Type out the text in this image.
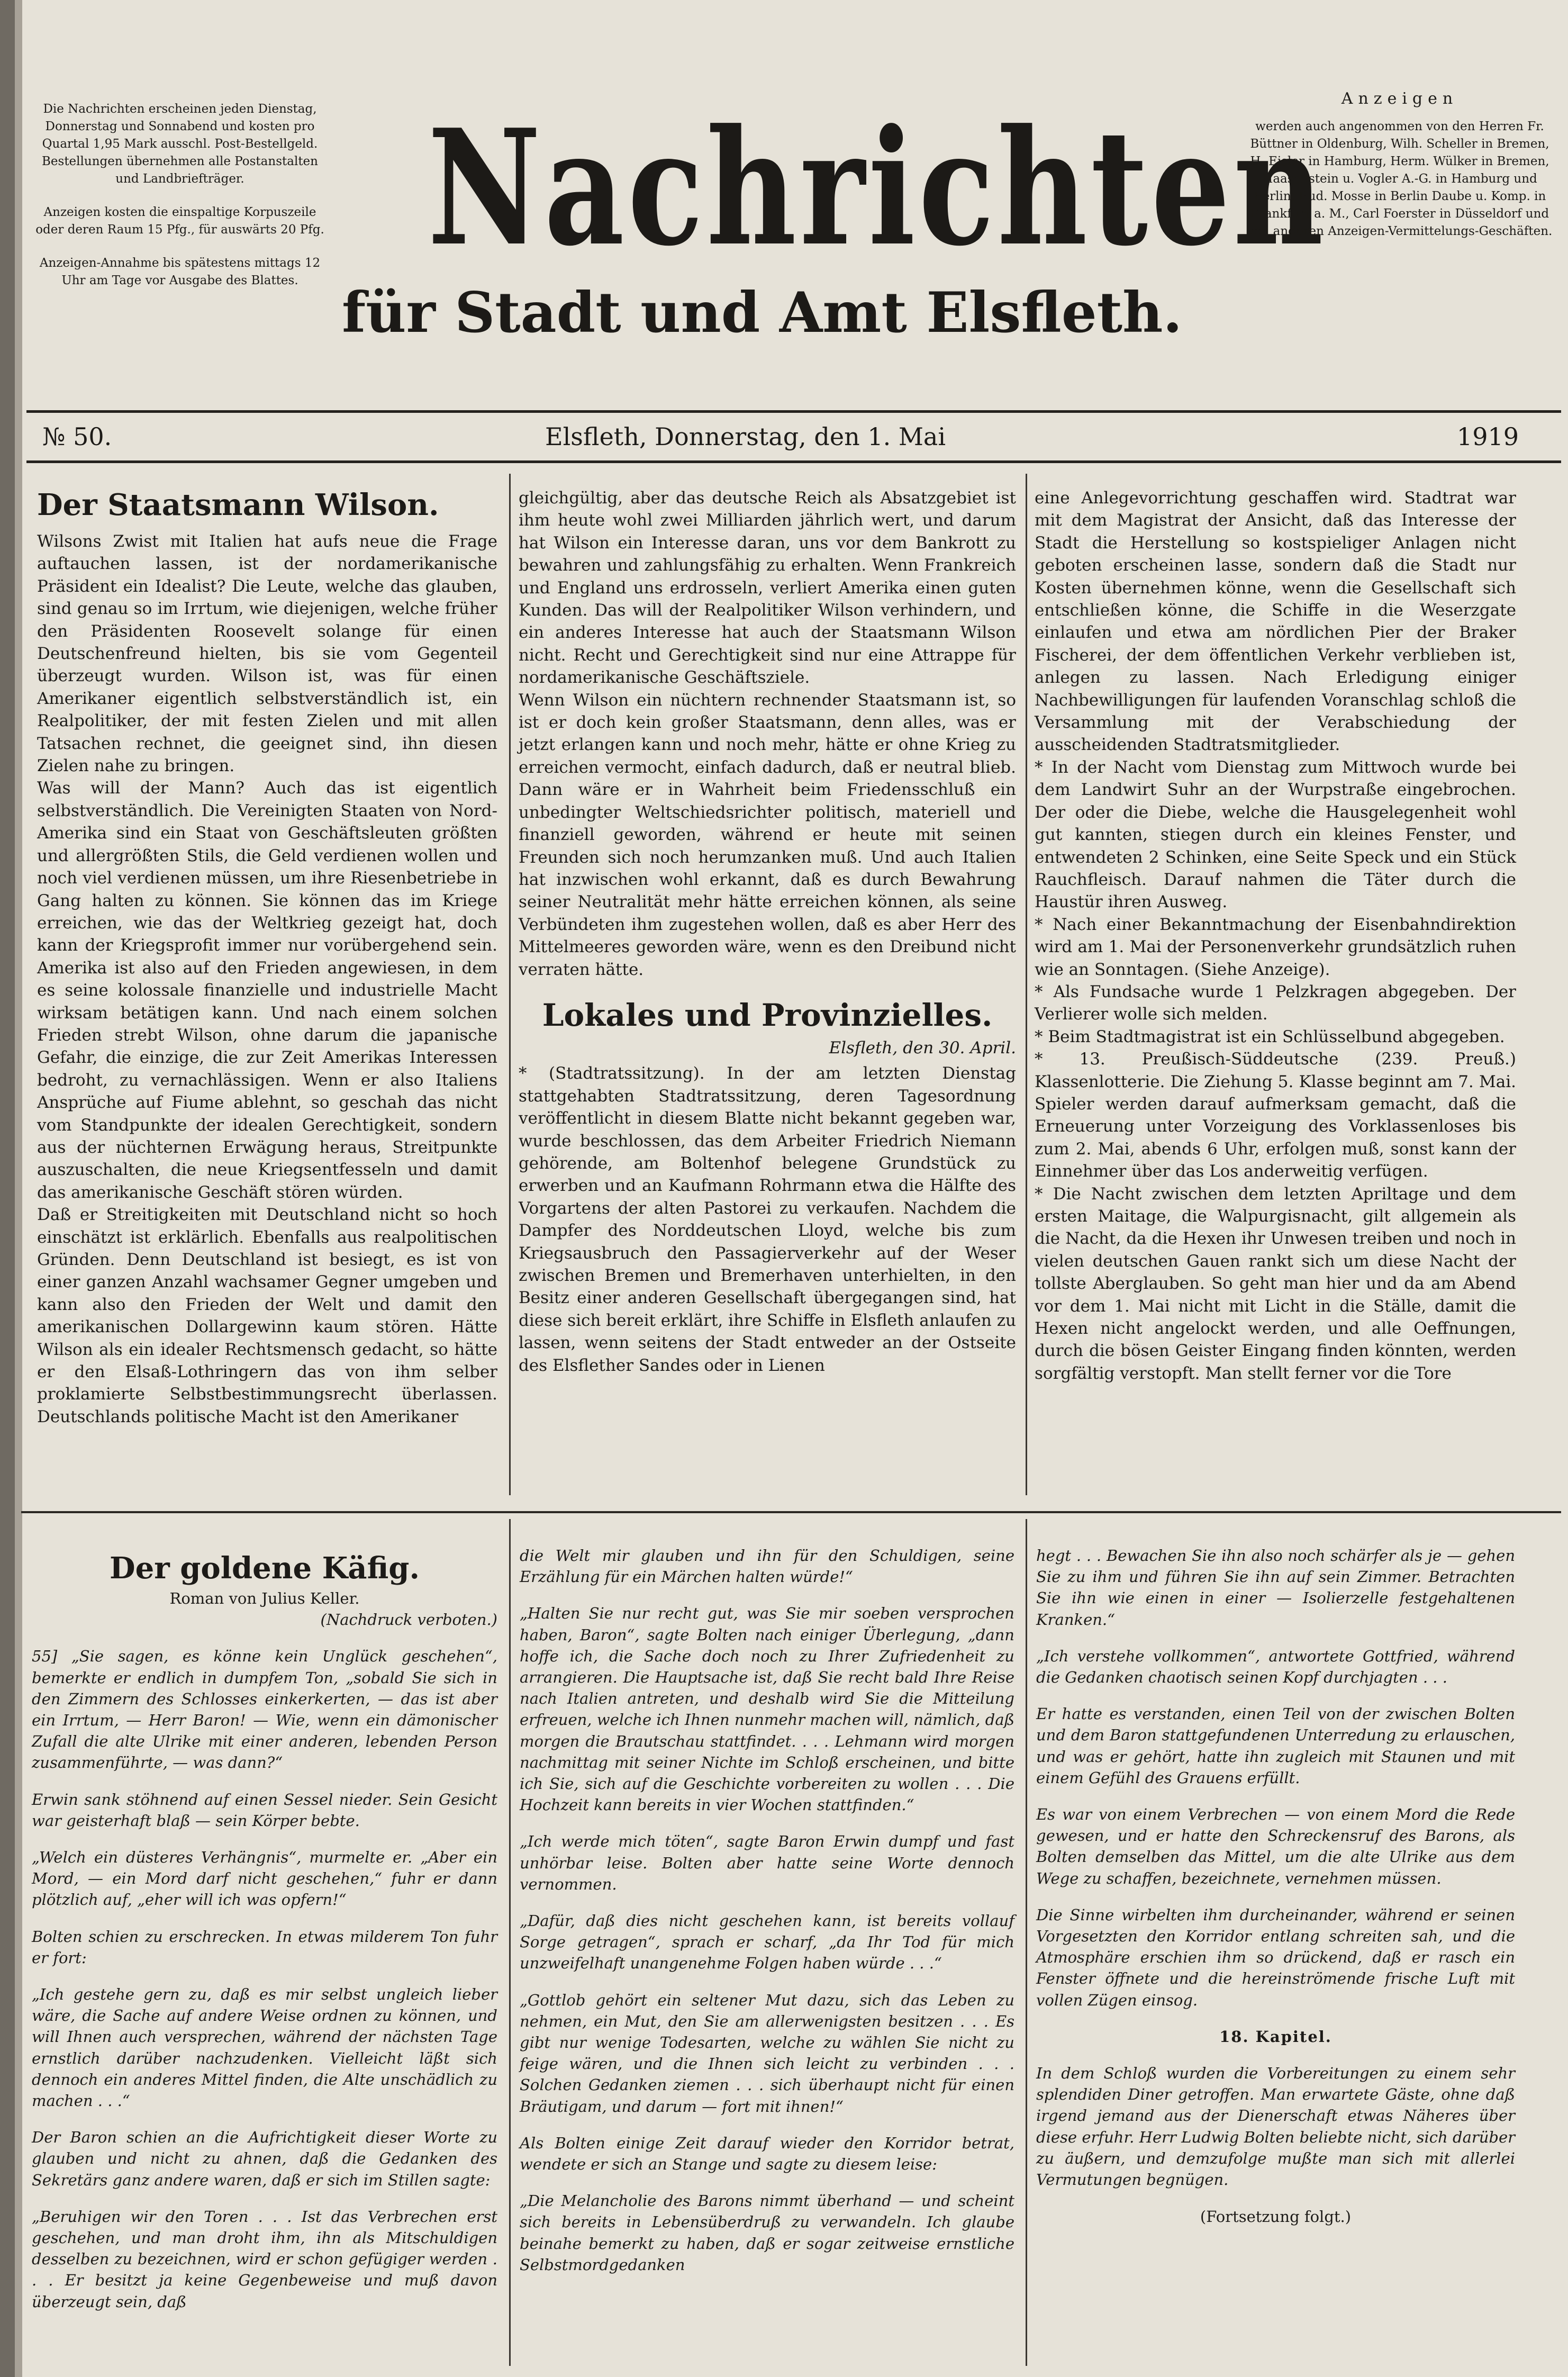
Die Nachrichten erscheinen jeden Dienstag, Donnerstag und Sonnabend und kosten pro Quartal 1,95 Mark ausschl. Post-Bestellgeld. Bestellungen übernehmen alle Postanstalten und Landbriefträger.

Anzeigen kosten die einspaltige Korpuszeile oder deren Raum 15 Pfg., für auswärts 20 Pfg.

Anzeigen-Annahme bis spätestens mittags 12 Uhr am Tage vor Ausgabe des Blattes. Nachrichten
für Stadt und Amt Elsfleth.
Anzeigen
werden auch angenommen von den Herren Fr. Büttner in Oldenburg, Wilh. Scheller in Bremen, H. Eisler in Hamburg, Herm. Wülker in Bremen, Haasenstein u. Vogler A.-G. in Hamburg und Berlin, Rud. Mosse in Berlin Daube u. Komp. in Frankfurt a. M., Carl Foerster in Düsseldorf und von anderen Anzeigen-Vermittelungs-Geschäften.
№ 50.	Elsfleth, Donnerstag, den 1. Mai	1919
Der Staatsmann Wilson.

Wilsons Zwist mit Italien hat aufs neue die Frage auftauchen lassen, ist der nordamerikanische Präsident ein Idealist? Die Leute, welche das glauben, sind genau so im Irrtum, wie diejenigen, welche früher den Präsidenten Roosevelt solange für einen Deutschenfreund hielten, bis sie vom Gegenteil überzeugt wurden. Wilson ist, was für einen Amerikaner eigentlich selbstverständlich ist, ein Realpolitiker, der mit festen Zielen und mit allen Tatsachen rechnet, die geeignet sind, ihn diesen Zielen nahe zu bringen.

Was will der Mann? Auch das ist eigentlich selbstverständlich. Die Vereinigten Staaten von Nord-Amerika sind ein Staat von Geschäftsleuten größten und allergrößten Stils, die Geld verdienen wollen und noch viel verdienen müssen, um ihre Riesenbetriebe in Gang halten zu können. Sie können das im Kriege erreichen, wie das der Weltkrieg gezeigt hat, doch kann der Kriegsprofit immer nur vorübergehend sein. Amerika ist also auf den Frieden angewiesen, in dem es seine kolossale finanzielle und industrielle Macht wirksam betätigen kann. Und nach einem solchen Frieden strebt Wilson, ohne darum die japanische Gefahr, die einzige, die zur Zeit Amerikas Interessen bedroht, zu vernachlässigen. Wenn er also Italiens Ansprüche auf Fiume ablehnt, so geschah das nicht vom Standpunkte der idealen Gerechtigkeit, sondern aus der nüchternen Erwägung heraus, Streitpunkte auszuschalten, die neue Kriegsentfesseln und damit das amerikanische Geschäft stören würden.

Daß er Streitigkeiten mit Deutschland nicht so hoch einschätzt ist erklärlich. Ebenfalls aus realpolitischen Gründen. Denn Deutschland ist besiegt, es ist von einer ganzen Anzahl wachsamer Gegner umgeben und kann also den Frieden der Welt und damit den amerikanischen Dollargewinn kaum stören. Hätte Wilson als ein idealer Rechtsmensch gedacht, so hätte er den Elsaß-Lothringern das von ihm selber proklamierte Selbstbestimmungsrecht überlassen. Deutschlands politische Macht ist den Amerikaner

gleichgültig, aber das deutsche Reich als Absatzgebiet ist ihm heute wohl zwei Milliarden jährlich wert, und darum hat Wilson ein Interesse daran, uns vor dem Bankrott zu bewahren und zahlungsfähig zu erhalten. Wenn Frankreich und England uns erdrosseln, verliert Amerika einen guten Kunden. Das will der Realpolitiker Wilson verhindern, und ein anderes Interesse hat auch der Staatsmann Wilson nicht. Recht und Gerechtigkeit sind nur eine Attrappe für nordamerikanische Geschäftsziele.

Wenn Wilson ein nüchtern rechnender Staatsmann ist, so ist er doch kein großer Staatsmann, denn alles, was er jetzt erlangen kann und noch mehr, hätte er ohne Krieg zu erreichen vermocht, einfach dadurch, daß er neutral blieb. Dann wäre er in Wahrheit beim Friedensschluß ein unbedingter Weltschiedsrichter politisch, materiell und finanziell geworden, während er heute mit seinen Freunden sich noch herumzanken muß. Und auch Italien hat inzwischen wohl erkannt, daß es durch Bewahrung seiner Neutralität mehr hätte erreichen können, als seine Verbündeten ihm zugestehen wollen, daß es aber Herr des Mittelmeeres geworden wäre, wenn es den Dreibund nicht verraten hätte.

Lokales und Provinzielles.

Elsfleth, den 30. April.

* (Stadtratssitzung). In der am letzten Dienstag stattgehabten Stadtratssitzung, deren Tagesordnung veröffentlicht in diesem Blatte nicht bekannt gegeben war, wurde beschlossen, das dem Arbeiter Friedrich Niemann gehörende, am Boltenhof belegene Grundstück zu erwerben und an Kaufmann Rohrmann etwa die Hälfte des Vorgartens der alten Pastorei zu verkaufen. Nachdem die Dampfer des Norddeutschen Lloyd, welche bis zum Kriegsausbruch den Passagierverkehr auf der Weser zwischen Bremen und Bremerhaven unterhielten, in den Besitz einer anderen Gesellschaft übergegangen sind, hat diese sich bereit erklärt, ihre Schiffe in Elsfleth anlaufen zu lassen, wenn seitens der Stadt entweder an der Ostseite des Elsflether Sandes oder in Lienen

eine Anlegevorrichtung geschaffen wird. Stadtrat war mit dem Magistrat der Ansicht, daß das Interesse der Stadt die Herstellung so kostspieliger Anlagen nicht geboten erscheinen lasse, sondern daß die Stadt nur Kosten übernehmen könne, wenn die Gesellschaft sich entschließen könne, die Schiffe in die Weserzgate einlaufen und etwa am nördlichen Pier der Braker Fischerei, der dem öffentlichen Verkehr verblieben ist, anlegen zu lassen. Nach Erledigung einiger Nachbewilligungen für laufenden Voranschlag schloß die Versammlung mit der Verabschiedung der ausscheidenden Stadtratsmitglieder.

* In der Nacht vom Dienstag zum Mittwoch wurde bei dem Landwirt Suhr an der Wurpstraße eingebrochen. Der oder die Diebe, welche die Hausgelegenheit wohl gut kannten, stiegen durch ein kleines Fenster, und entwendeten 2 Schinken, eine Seite Speck und ein Stück Rauchfleisch. Darauf nahmen die Täter durch die Haustür ihren Ausweg.

* Nach einer Bekanntmachung der Eisenbahndirektion wird am 1. Mai der Personenverkehr grundsätzlich ruhen wie an Sonntagen. (Siehe Anzeige).

* Als Fundsache wurde 1 Pelzkragen abgegeben. Der Verlierer wolle sich melden.

* Beim Stadtmagistrat ist ein Schlüsselbund abgegeben.

* 13. Preußisch-Süddeutsche (239. Preuß.) Klassenlotterie. Die Ziehung 5. Klasse beginnt am 7. Mai. Spieler werden darauf aufmerksam gemacht, daß die Erneuerung unter Vorzeigung des Vorklassenloses bis zum 2. Mai, abends 6 Uhr, erfolgen muß, sonst kann der Einnehmer über das Los anderweitig verfügen.

* Die Nacht zwischen dem letzten Apriltage und dem ersten Maitage, die Walpurgisnacht, gilt allgemein als die Nacht, da die Hexen ihr Unwesen treiben und noch in vielen deutschen Gauen rankt sich um diese Nacht der tollste Aberglauben. So geht man hier und da am Abend vor dem 1. Mai nicht mit Licht in die Ställe, damit die Hexen nicht angelockt werden, und alle Oeffnungen, durch die bösen Geister Eingang finden könnten, werden sorgfältig verstopft. Man stellt ferner vor die Tore

Der goldene Käfig.

Roman von Julius Keller.

(Nachdruck verboten.)

55] „Sie sagen, es könne kein Unglück geschehen“, bemerkte er endlich in dumpfem Ton, „sobald Sie sich in den Zimmern des Schlosses einkerkerten, — das ist aber ein Irrtum, — Herr Baron! — Wie, wenn ein dämonischer Zufall die alte Ulrike mit einer anderen, lebenden Person zusammenführte, — was dann?“

Erwin sank stöhnend auf einen Sessel nieder. Sein Gesicht war geisterhaft blaß — sein Körper bebte.

„Welch ein düsteres Verhängnis“, murmelte er. „Aber ein Mord, — ein Mord darf nicht geschehen,“ fuhr er dann plötzlich auf, „eher will ich was opfern!“

Bolten schien zu erschrecken. In etwas milderem Ton fuhr er fort:

„Ich gestehe gern zu, daß es mir selbst ungleich lieber wäre, die Sache auf andere Weise ordnen zu können, und will Ihnen auch versprechen, während der nächsten Tage ernstlich darüber nachzudenken. Vielleicht läßt sich dennoch ein anderes Mittel finden, die Alte unschädlich zu machen . . .“

Der Baron schien an die Aufrichtigkeit dieser Worte zu glauben und nicht zu ahnen, daß die Gedanken des Sekretärs ganz andere waren, daß er sich im Stillen sagte:

„Beruhigen wir den Toren . . . Ist das Verbrechen erst geschehen, und man droht ihm, ihn als Mitschuldigen desselben zu bezeichnen, wird er schon gefügiger werden . . . Er besitzt ja keine Gegenbeweise und muß davon überzeugt sein, daß

die Welt mir glauben und ihn für den Schuldigen, seine Erzählung für ein Märchen halten würde!“

„Halten Sie nur recht gut, was Sie mir soeben versprochen haben, Baron“, sagte Bolten nach einiger Überlegung, „dann hoffe ich, die Sache doch noch zu Ihrer Zufriedenheit zu arrangieren. Die Hauptsache ist, daß Sie recht bald Ihre Reise nach Italien antreten, und deshalb wird Sie die Mitteilung erfreuen, welche ich Ihnen nunmehr machen will, nämlich, daß morgen die Brautschau stattfindet. . . . Lehmann wird morgen nachmittag mit seiner Nichte im Schloß erscheinen, und bitte ich Sie, sich auf die Geschichte vorbereiten zu wollen . . . Die Hochzeit kann bereits in vier Wochen stattfinden.“

„Ich werde mich töten“, sagte Baron Erwin dumpf und fast unhörbar leise. Bolten aber hatte seine Worte dennoch vernommen.

„Dafür, daß dies nicht geschehen kann, ist bereits vollauf Sorge getragen“, sprach er scharf, „da Ihr Tod für mich unzweifelhaft unangenehme Folgen haben würde . . .“

„Gottlob gehört ein seltener Mut dazu, sich das Leben zu nehmen, ein Mut, den Sie am allerwenigsten besitzen . . . Es gibt nur wenige Todesarten, welche zu wählen Sie nicht zu feige wären, und die Ihnen sich leicht zu verbinden . . . Solchen Gedanken ziemen . . . sich überhaupt nicht für einen Bräutigam, und darum — fort mit ihnen!“

Als Bolten einige Zeit darauf wieder den Korridor betrat, wendete er sich an Stange und sagte zu diesem leise:

„Die Melancholie des Barons nimmt überhand — und scheint sich bereits in Lebensüberdruß zu verwandeln. Ich glaube beinahe bemerkt zu haben, daß er sogar zeitweise ernstliche Selbstmordgedanken

hegt . . . Bewachen Sie ihn also noch schärfer als je — gehen Sie zu ihm und führen Sie ihn auf sein Zimmer. Betrachten Sie ihn wie einen in einer — Isolierzelle festgehaltenen Kranken.“

„Ich verstehe vollkommen“, antwortete Gottfried, während die Gedanken chaotisch seinen Kopf durchjagten . . .

Er hatte es verstanden, einen Teil von der zwischen Bolten und dem Baron stattgefundenen Unterredung zu erlauschen, und was er gehört, hatte ihn zugleich mit Staunen und mit einem Gefühl des Grauens erfüllt.

Es war von einem Verbrechen — von einem Mord die Rede gewesen, und er hatte den Schreckensruf des Barons, als Bolten demselben das Mittel, um die alte Ulrike aus dem Wege zu schaffen, bezeichnete, vernehmen müssen.

Die Sinne wirbelten ihm durcheinander, während er seinen Vorgesetzten den Korridor entlang schreiten sah, und die Atmosphäre erschien ihm so drückend, daß er rasch ein Fenster öffnete und die hereinströmende frische Luft mit vollen Zügen einsog.

18. Kapitel.

In dem Schloß wurden die Vorbereitungen zu einem sehr splendiden Diner getroffen. Man erwartete Gäste, ohne daß irgend jemand aus der Dienerschaft etwas Näheres über diese erfuhr. Herr Ludwig Bolten beliebte nicht, sich darüber zu äußern, und demzufolge mußte man sich mit allerlei Vermutungen begnügen.

(Fortsetzung folgt.)
